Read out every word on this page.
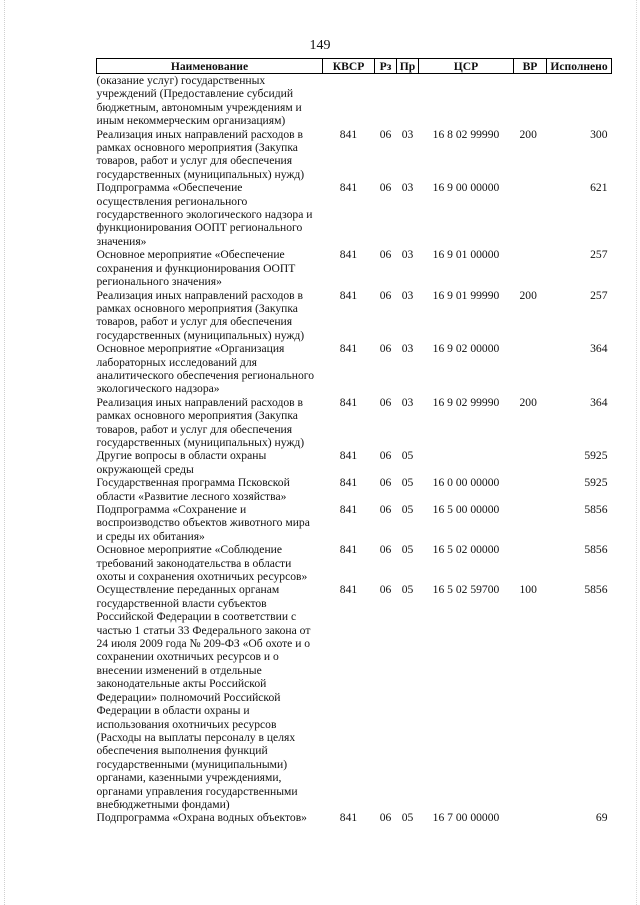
149
Наименование	КВСР	Рз	Пр	ЦСР	ВР	Исполнено
(оказание услуг) государственных учреждений (Предоставление субсидий бюджетным, автономным учреждениям и иным некоммерческим организациям)						
Реализация иных направлений расходов в рамках основного мероприятия (Закупка товаров, работ и услуг для обеспечения государственных (муниципальных) нужд)	841	06	03	16 8 02 99990	200	300
Подпрограмма «Обеспечение осуществления регионального государственного экологического надзора и функционирования ООПТ регионального значения»	841	06	03	16 9 00 00000		621
Основное мероприятие «Обеспечение сохранения и функционирования ООПТ регионального значения»	841	06	03	16 9 01 00000		257
Реализация иных направлений расходов в рамках основного мероприятия (Закупка товаров, работ и услуг для обеспечения государственных (муниципальных) нужд)	841	06	03	16 9 01 99990	200	257
Основное мероприятие «Организация лабораторных исследований для аналитического обеспечения регионального экологического надзора»	841	06	03	16 9 02 00000		364
Реализация иных направлений расходов в рамках основного мероприятия (Закупка товаров, работ и услуг для обеспечения государственных (муниципальных) нужд)	841	06	03	16 9 02 99990	200	364
Другие вопросы в области охраны окружающей среды	841	06	05			5925
Государственная программа Псковской области «Развитие лесного хозяйства»	841	06	05	16 0 00 00000		5925
Подпрограмма «Сохранение и воспроизводство объектов животного мира и среды их обитания»	841	06	05	16 5 00 00000		5856
Основное мероприятие «Соблюдение требований законодательства в области охоты и сохранения охотничьих ресурсов»	841	06	05	16 5 02 00000		5856
Осуществление переданных органам государственной власти субъектов Российской Федерации в соответствии с частью 1 статьи 33 Федерального закона от 24 июля 2009 года № 209-ФЗ «Об охоте и о сохранении охотничьих ресурсов и о внесении изменений в отдельные законодательные акты Российской Федерации» полномочий Российской Федерации в области охраны и использования охотничьих ресурсов (Расходы на выплаты персоналу в целях обеспечения выполнения функций государственными (муниципальными) органами, казенными учреждениями, органами управления государственными внебюджетными фондами)	841	06	05	16 5 02 59700	100	5856
Подпрограмма «Охрана водных объектов»	841	06	05	16 7 00 00000		69
